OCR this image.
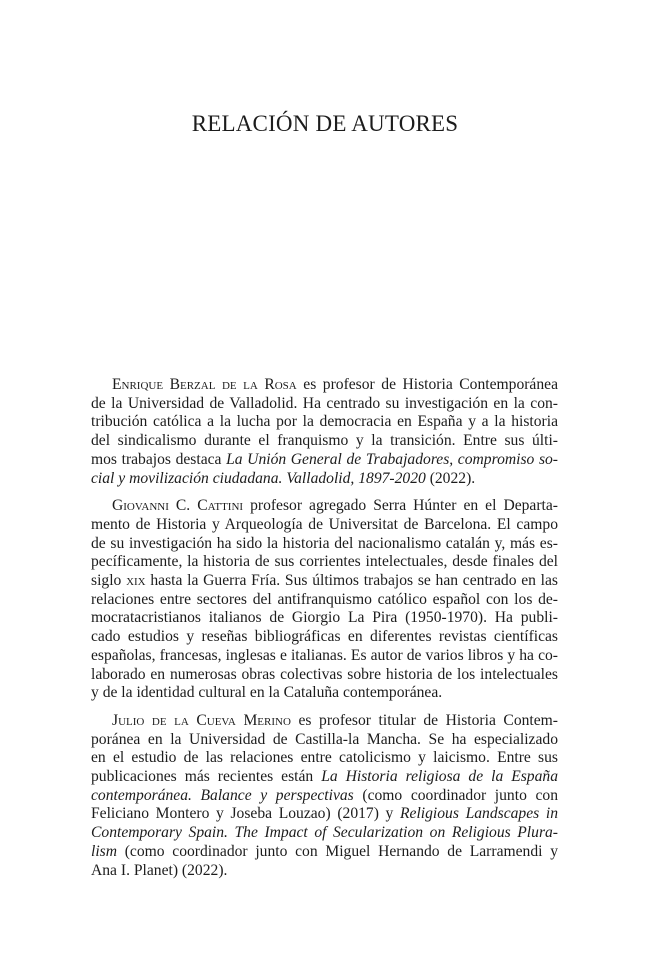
RELACIÓN DE AUTORES

Enrique Berzal de la Rosa es profesor de Historia Contemporánea
de la Universidad de Valladolid. Ha centrado su investigación en la con-
tribución católica a la lucha por la democracia en España y a la historia
del sindicalismo durante el franquismo y la transición. Entre sus últi-
mos trabajos destaca La Unión General de Trabajadores, compromiso so-
cial y movilización ciudadana. Valladolid, 1897-2020 (2022).

Giovanni C. Cattini profesor agregado Serra Húnter en el Departa-
mento de Historia y Arqueología de Universitat de Barcelona. El campo
de su investigación ha sido la historia del nacionalismo catalán y, más es-
pecíficamente, la historia de sus corrientes intelectuales, desde finales del
siglo xix hasta la Guerra Fría. Sus últimos trabajos se han centrado en las
relaciones entre sectores del antifranquismo católico español con los de-
mocratacristianos italianos de Giorgio La Pira (1950-1970). Ha publi-
cado estudios y reseñas bibliográficas en diferentes revistas científicas
españolas, francesas, inglesas e italianas. Es autor de varios libros y ha co-
laborado en numerosas obras colectivas sobre historia de los intelectuales
y de la identidad cultural en la Cataluña contemporánea.

Julio de la Cueva Merino es profesor titular de Historia Contem-
poránea en la Universidad de Castilla-la Mancha. Se ha especializado
en el estudio de las relaciones entre catolicismo y laicismo. Entre sus
publicaciones más recientes están La Historia religiosa de la España
contemporánea. Balance y perspectivas (como coordinador junto con
Feliciano Montero y Joseba Louzao) (2017) y Religious Landscapes in
Contemporary Spain. The Impact of Secularization on Religious Plura-
lism (como coordinador junto con Miguel Hernando de Larramendi y
Ana I. Planet) (2022).
